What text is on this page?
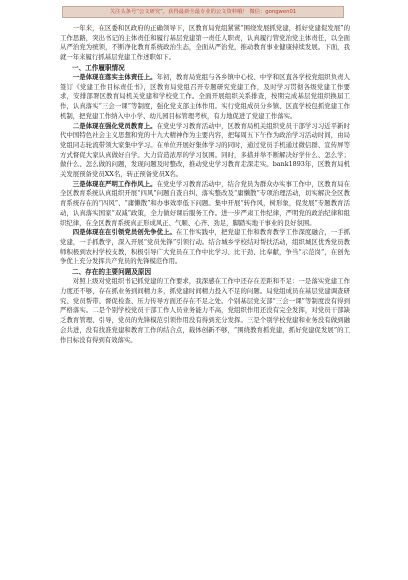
关注头条号“公文研究”，获得最新全最专业的公文资料哦！ 微信：gongwen01

一年来，在区委和区政府的正确领导下，区教育局党组紧紧“围绕发展抓党建，抓好党建促发展”的工作思路，突出书记的主体责任和履行基层党建第一责任人职责，认真履行管党治党主体责任，以全面从严治党为统领，不断净化教育系统政治生态，全面从严治党，推动教育事业健康持续发展。下面，我就一年来履行抓基层党建工作述职如下。

一、工作履职情况

一是体现在落实主体责任上。年初，教育局党组与各乡镇中心校、中学和区直各学校党组织负责人签订《党建工作目标责任书》，区教育局党组召开专题研究党建工作，及时学习贯彻各级党建工作要求，安排部署区教育局机关党建和学校党工作。全面开展组织关系排查，按期完成基层党组织换届工作，认真落实“三会一课”等制度，强化党支部主体作用。实行党组成员分乡镇、区直学校包抓党建工作机制，把党建工作纳入中小学、幼儿园目标管理考核，有力地促进了党建工作落实。

二是体现在强化党员教育上。在党史学习教育活动中，区教育局机关组织党员干部学习习近平新时代中国特色社会主义思想和党的十九大精神作为主要内容，把每周五下午作为政治学习活动时间，由局党组同志轮流带领大家集中学习。在单位开展好集体学习的同时，通过党员手机通过微信群、宣传屏等方式督促大家认真做好自学。大力营造浓厚的学习氛围。同时，多措并举不断解决好学什么、怎么学；做什么、怎么做的问题，发现问题及时整改，推动党史学习教育走深走实。bank1893年，区教育局机关发展预备党员XX名，转正预备党员X名。

三是体现在严明工作作风上。在党史学习教育活动中，结合党员为群众办实事工作中，区教育局在全区教育系统认真组织开展“四风”问题自查自纠、落实整改及“庸懒散”专项治理活动，切实解决全区教育系统存在的“四风”、“庸懒散”和办事效率低下问题。集中开展“转作风，树形象，促发展”专题教育活动，认真落实国家“双减”政策，全力做好课后服务工作。进一步严肃工作纪律，严明党的政治纪律和组织纪律，在全区教育系统真正形成风正、气顺、心齐、劲足，脚踏实地干事业的良好氛围。

四是体现在在引领党员创先争优上。在工作实践中，把党建工作和教育教学工作深度融合，一手抓党建，一手抓教学，深入开展“党员先锋”引领行动。结合城乡学校结对帮扶活动，组织城区优秀党员教师积极到农村学校支教，积极引导广大党员在工作中比学习、比干劲、比奉献，争当“示范岗”，在创先争优上充分发挥共产党员的先锋模范作用。

二、存在的主要问题及原因

对照上级对党组织书记抓党建的工作要求，我深感在工作中还存在差距和不足：一是落实党建工作力度还不够，存在抓业务到间精力多，抓党建时间精力投入不足的问题。局党组成员在基层党建调查研究、党员帮带、督促检查、压力传导方面还存在不足之处。个别基层党支部“三会一课”等制度没有得到严格落实。二是个别学校党员干部工作人员业务能力不高，党组织作用还没有完全发挥，对党员干部缺乏教育管理、引导，党员的先锋模范引领作用没有得到充分发挥。三是个别学校党建和业务没有做到融会共进，没有找准党建和教育工作的结合点，载体创新不够，“围绕教育抓党建，抓好党建促发展”的工作目标没有得到有效落实。
